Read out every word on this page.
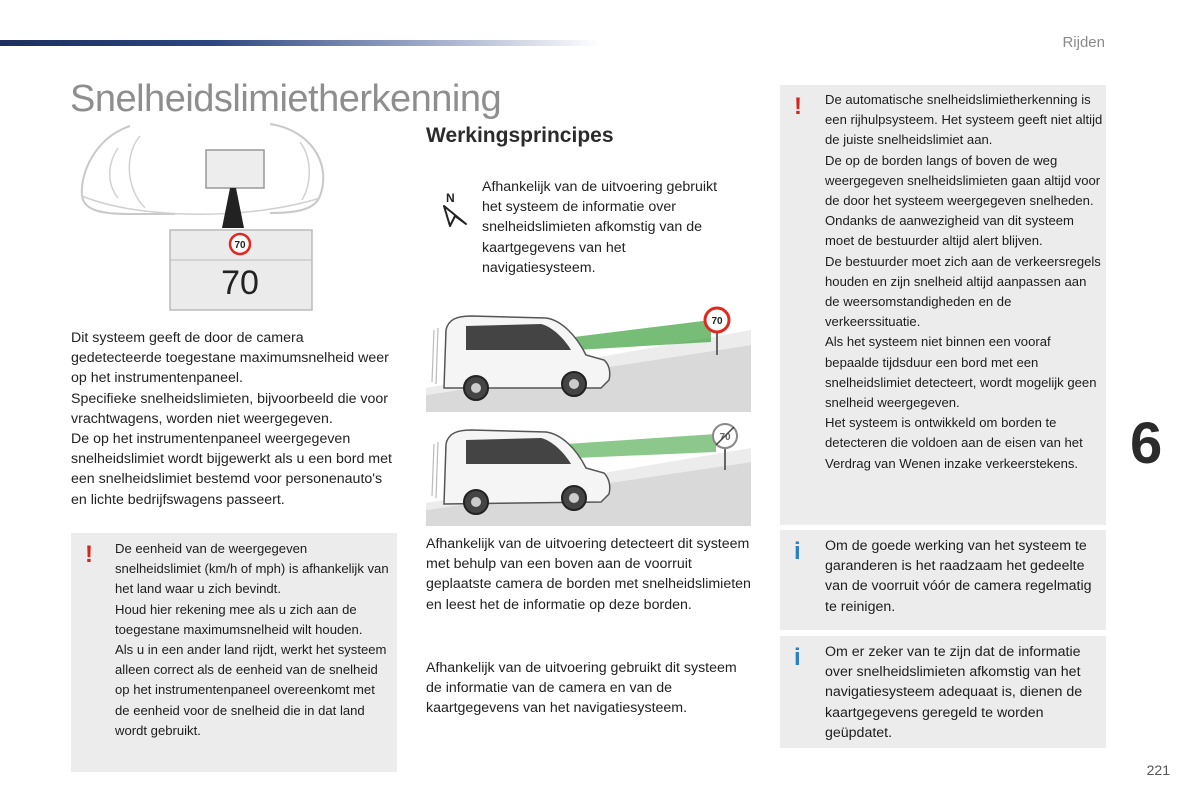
Rijden
Snelheidslimietherkenning
70
70

Dit systeem geeft de door de camera gedetecteerde toegestane maximumsnelheid weer op het instrumentenpaneel.

Specifieke snelheidslimieten, bijvoorbeeld die voor vrachtwagens, worden niet weergegeven.

De op het instrumentenpaneel weergegeven snelheidslimiet wordt bijgewerkt als u een bord met een snelheidslimiet bestemd voor personenauto's en lichte bedrijfswagens passeert.

! De eenheid van de weergegeven snelheidslimiet (km/h of mph) is afhankelijk van het land waar u zich bevindt.

Houd hier rekening mee als u zich aan de toegestane maximumsnelheid wilt houden.

Als u in een ander land rijdt, werkt het systeem alleen correct als de eenheid van de snelheid op het instrumentenpaneel overeenkomt met de eenheid voor de snelheid die in dat land wordt gebruikt.

Werkingsprincipes
N
Afhankelijk van de uitvoering gebruikt het systeem de informatie over snelheidslimieten afkomstig van de kaartgegevens van het navigatiesysteem.
70
70
Afhankelijk van de uitvoering detecteert dit systeem met behulp van een boven aan de voorruit geplaatste camera de borden met snelheidslimieten en leest het de informatie op deze borden.
Afhankelijk van de uitvoering gebruikt dit systeem de informatie van de camera en van de kaartgegevens van het navigatiesysteem.
! De automatische snelheidslimietherkenning is een rijhulpsysteem. Het systeem geeft niet altijd de juiste snelheidslimiet aan.

De op de borden langs of boven de weg weergegeven snelheidslimieten gaan altijd voor de door het systeem weergegeven snelheden.

Ondanks de aanwezigheid van dit systeem moet de bestuurder altijd alert blijven.

De bestuurder moet zich aan de verkeersregels houden en zijn snelheid altijd aanpassen aan de weersomstandigheden en de verkeerssituatie.

Als het systeem niet binnen een vooraf bepaalde tijdsduur een bord met een snelheidslimiet detecteert, wordt mogelijk geen snelheid weergegeven.

Het systeem is ontwikkeld om borden te detecteren die voldoen aan de eisen van het Verdrag van Wenen inzake verkeerstekens.

i Om de goede werking van het systeem te garanderen is het raadzaam het gedeelte van de voorruit vóór de camera regelmatig te reinigen.
i Om er zeker van te zijn dat de informatie over snelheidslimieten afkomstig van het navigatiesysteem adequaat is, dienen de kaartgegevens geregeld te worden geüpdatet.
6
221
